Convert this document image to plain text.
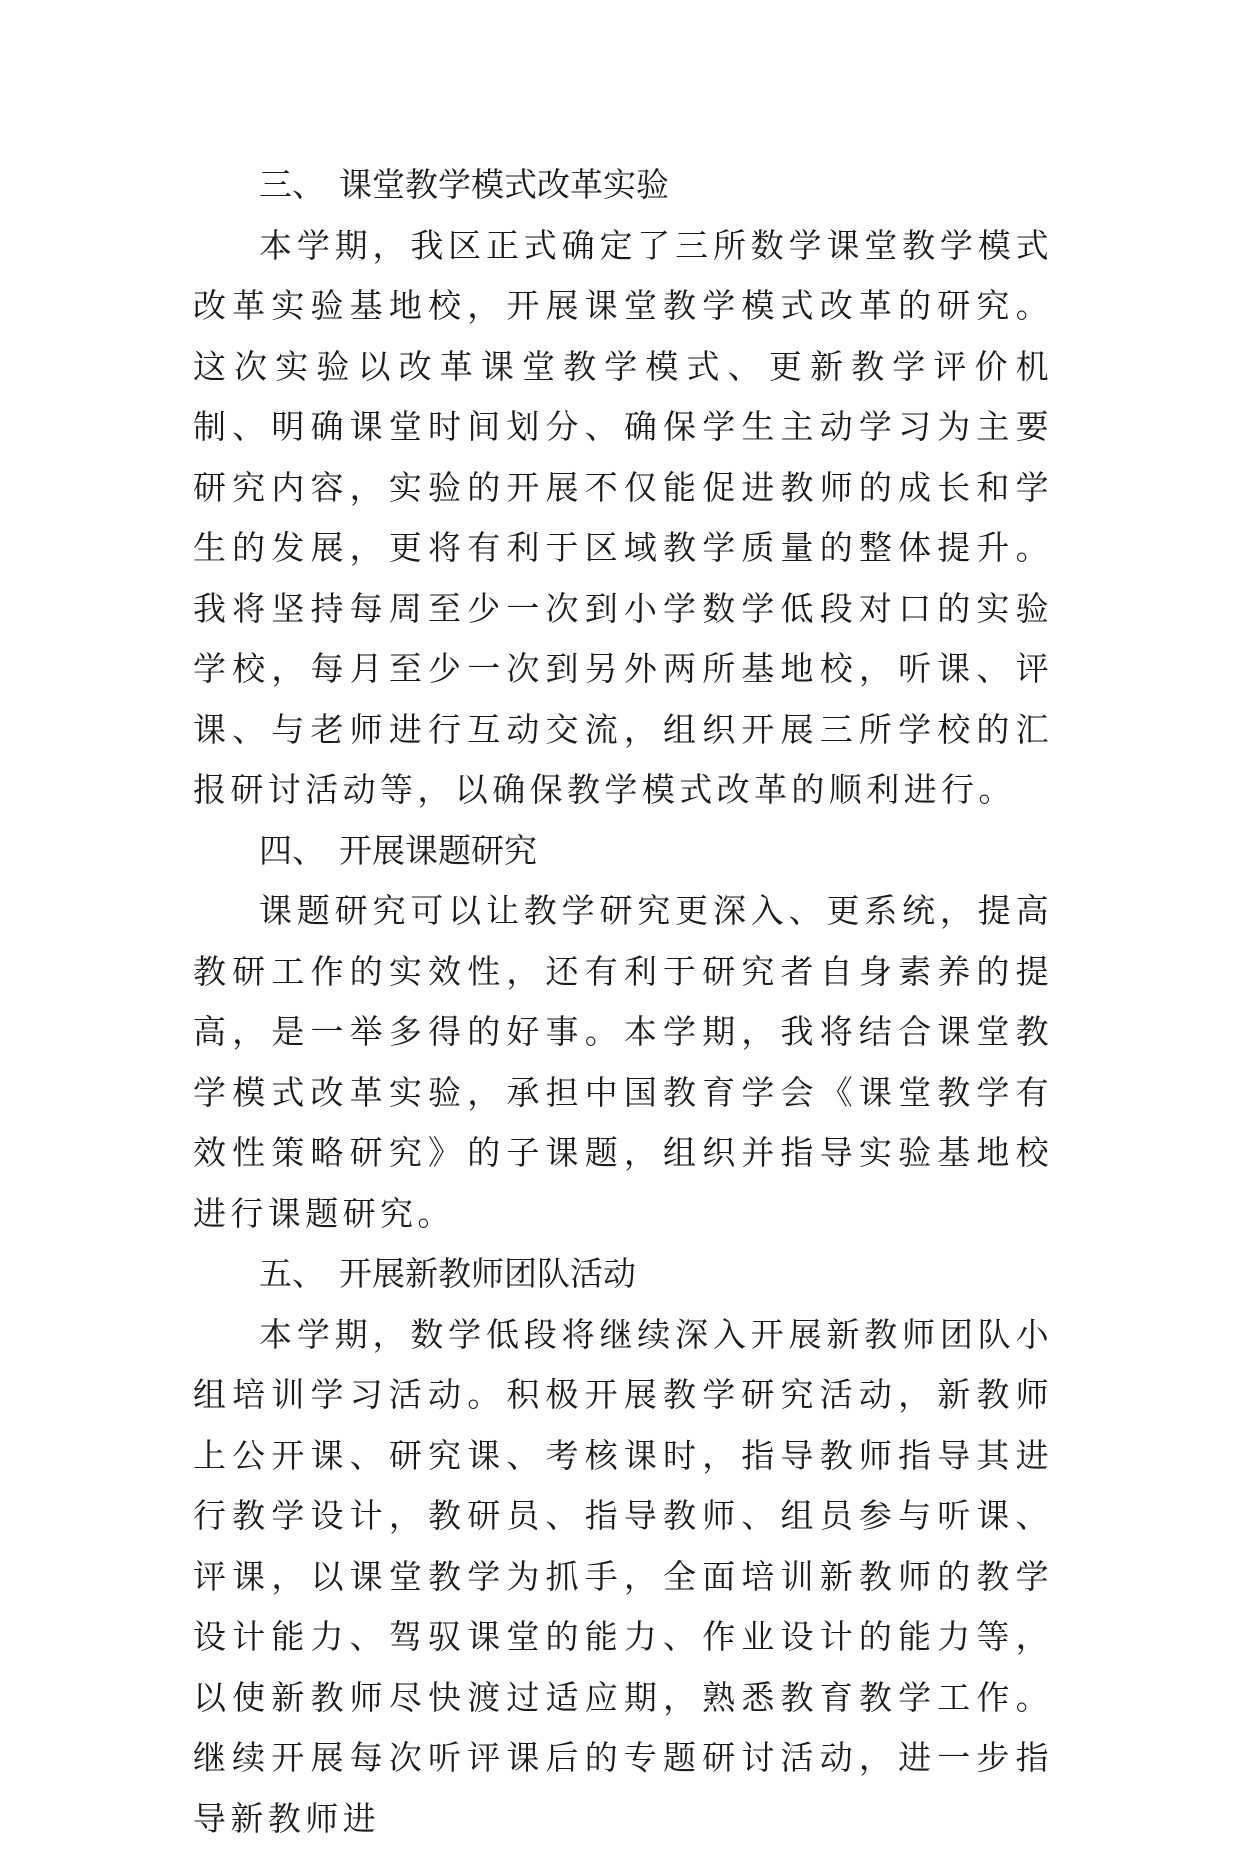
三、 课堂教学模式改革实验

本学期，我区正式确定了三所数学课堂教学模式改革实验基地校，开展课堂教学模式改革的研究。这次实验以改革课堂教学模式、更新教学评价机制、明确课堂时间划分、确保学生主动学习为主要研究内容，实验的开展不仅能促进教师的成长和学生的发展，更将有利于区域教学质量的整体提升。我将坚持每周至少一次到小学数学低段对口的实验学校，每月至少一次到另外两所基地校，听课、评课、与老师进行互动交流，组织开展三所学校的汇报研讨活动等，以确保教学模式改革的顺利进行。

四、 开展课题研究

课题研究可以让教学研究更深入、更系统，提高教研工作的实效性，还有利于研究者自身素养的提高，是一举多得的好事。本学期，我将结合课堂教学模式改革实验，承担中国教育学会《课堂教学有效性策略研究》的子课题，组织并指导实验基地校进行课题研究。

五、 开展新教师团队活动

本学期，数学低段将继续深入开展新教师团队小组培训学习活动。积极开展教学研究活动，新教师上公开课、研究课、考核课时，指导教师指导其进行教学设计，教研员、指导教师、组员参与听课、评课，以课堂教学为抓手，全面培训新教师的教学设计能力、驾驭课堂的能力、作业设计的能力等，以使新教师尽快渡过适应期，熟悉教育教学工作。继续开展每次听评课后的专题研讨活动，进一步指导新教师进
